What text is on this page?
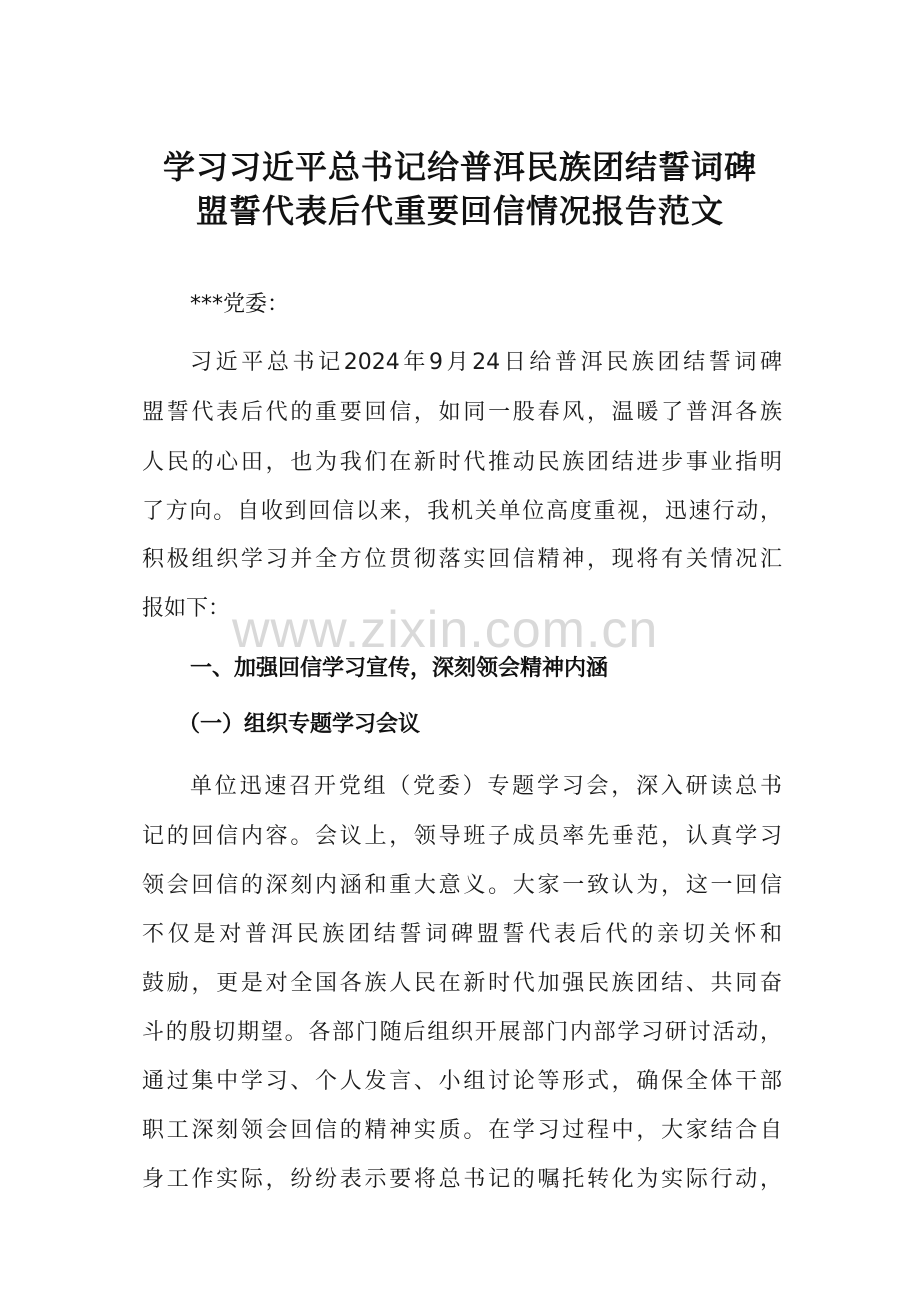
学习习近平总书记给普洱民族团结誓词碑
盟誓代表后代重要回信情况报告范文
***党委：
习近平总书记2024年9月24日给普洱民族团结誓词碑
盟誓代表后代的重要回信，如同一股春风，温暖了普洱各族
人民的心田，也为我们在新时代推动民族团结进步事业指明
了方向。自收到回信以来，我机关单位高度重视，迅速行动，
积极组织学习并全方位贯彻落实回信精神，现将有关情况汇
报如下： www.zixin.com.cn
一、加强回信学习宣传，深刻领会精神内涵
（一）组织专题学习会议
单位迅速召开党组（党委）专题学习会，深入研读总书
记的回信内容。会议上，领导班子成员率先垂范，认真学习
领会回信的深刻内涵和重大意义。大家一致认为，这一回信
不仅是对普洱民族团结誓词碑盟誓代表后代的亲切关怀和
鼓励，更是对全国各族人民在新时代加强民族团结、共同奋
斗的殷切期望。各部门随后组织开展部门内部学习研讨活动，
通过集中学习、个人发言、小组讨论等形式，确保全体干部
职工深刻领会回信的精神实质。在学习过程中，大家结合自
身工作实际，纷纷表示要将总书记的嘱托转化为实际行动，
